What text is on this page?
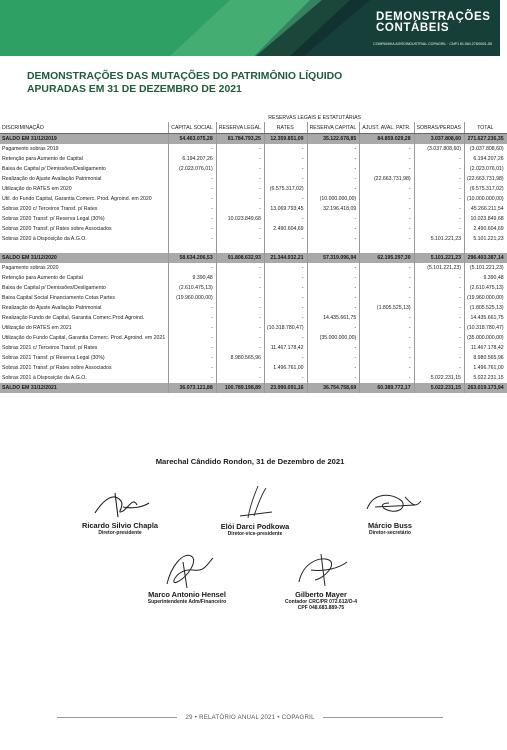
DEMONSTRAÇÕES
CONTÁBEIS
COMPANHIA AGROINDUSTRIAL COPAGRIL · CNPJ 81.584.278/0001-55
DEMONSTRAÇÕES DAS MUTAÇÕES DO PATRIMÔNIO LÍQUIDO
APURADAS EM 31 DE DEZEMBRO DE 2021
		RESERVAS LEGAIS E ESTATUTÁRIAS					
DISCRIMINAÇÃO	CAPITAL SOCIAL	RESERVA LEGAL	RATES	RESERVA CAPITAL	AJUST. AVAL. PATR.	SOBRAS/PERDAS	TOTAL
SALDO EM 31/12/2019	54.463.075,28	81.784.793,25	12.359.851,09	35.122.678,85	84.859.029,28	3.037.808,60	271.627.236,35
Pagamento sobras 2019	-	-	-	-	-	(3.037.808,60)	(3.037.808,60)
Retenção para Aumento de Capital	6.194.207,26	-	-	-	-	-	6.194.207,26
Baixa de Capital p/ Demissões/Desligamento	(2.023.076,01)	-	-	-	-	-	(2.023.076,01)
Realização do Ajuste Avaliação Patrimonial	-	-	-	-	(22.663.731,98)	-	(22.663.731,98)
Utilização do RATES em 2020	-	-	(6.575.317,02)	-	-	-	(6.575.317,02)
Util. do Fundo Capital, Garantia Comerc. Prod. Agroind. em 2020	-	-	-	(10.000.000,00)	-	-	(10.000.000,00)
Sobras 2020 c/ Terceiros Transf. p/ Rates	-	-	13.069.793,45	32.196.418,09	-	-	45.266.211,54
Sobras 2020 Transf. p/ Reserva Legal (30%)	-	10.023.849,68	-	-	-	-	10.023.849,68
Sobras 2020 Transf. p/ Rates sobre Associados	-	-	2.490.604,69	-	-	-	2.490.604,69
Sobras 2020 à Disposição da A.G.O.	-	-	-	-	-	5.101.221,23	5.101.221,23

SALDO EM 31/12/2020	58.634.206,53	91.808.632,93	21.344.932,21	57.319.096,94	62.195.297,30	5.101.221,23	296.403.387,14
Pagamento sobras 2020	-	-	-	-	-	(5.101.221,23)	(5.101.221,23)
Retenção para Aumento de Capital	9.390,48	-	-	-	-	-	9.390,48
Baixa de Capital p/ Demissões/Desligamento	(2.610.475,13)	-	-	-	-	-	(2.610.475,13)
Baixa Capital Social Financiamento Cotas Partes	(19.960.000,00)	-	-	-	-	-	(19.960.000,00)
Realização do Ajuste Avaliação Patrimonial	-	-	-	-	(1.805.525,13)	-	(1.805.525,13)
Realização Fundo de Capital, Garantia Comerc.Prod.Agroind.	-	-	-	14.435.661,75	-	-	14.435.661,75
Utilização do RATES em 2021	-	-	(10.318.780,47)	-	-	-	(10.318.780,47)
Utilização do Fundo Capital, Garantia Comerc. Prod. Agroind. em 2021	-	-	-	(35.000.000,00)	-	-	(35.000.000,00)
Sobras 2021 c/ Terceiros Transf. p/ Rates	-	-	11.467.178,42	-	-	-	11.467.178,42
Sobras 2021 Transf. p/ Reserva Legal (30%)	-	8.980.565,96	-	-	-	-	8.980.565,96
Sobras 2021 Transf. p/ Rates sobre Associados	-	-	1.496.761,00	-	-	-	1.496.761,00
Sobras 2021 à Disposição da A.G.O.	-	-	-	-	-	5.022.231,15	5.022.231,15
SALDO EM 31/12/2021	36.073.121,88	100.789.198,89	23.990.091,16	36.754.758,69	60.389.772,17	5.022.231,15	263.019.173,94
Marechal Cândido Rondon, 31 de Dezembro de 2021
Ricardo Silvio Chapla
Diretor-presidente
Elói Darci Podkowa
Diretor-vice-presidente
Márcio Buss
Diretor-secretário
Marco Antonio Hensel
Superintendente Adm/Financeiro
Gilberto Mayer
Contador CRC/PR 072.612/O-4
CPF 048.683.889-75
29 • RELATÓRIO ANUAL 2021 • COPAGRIL
